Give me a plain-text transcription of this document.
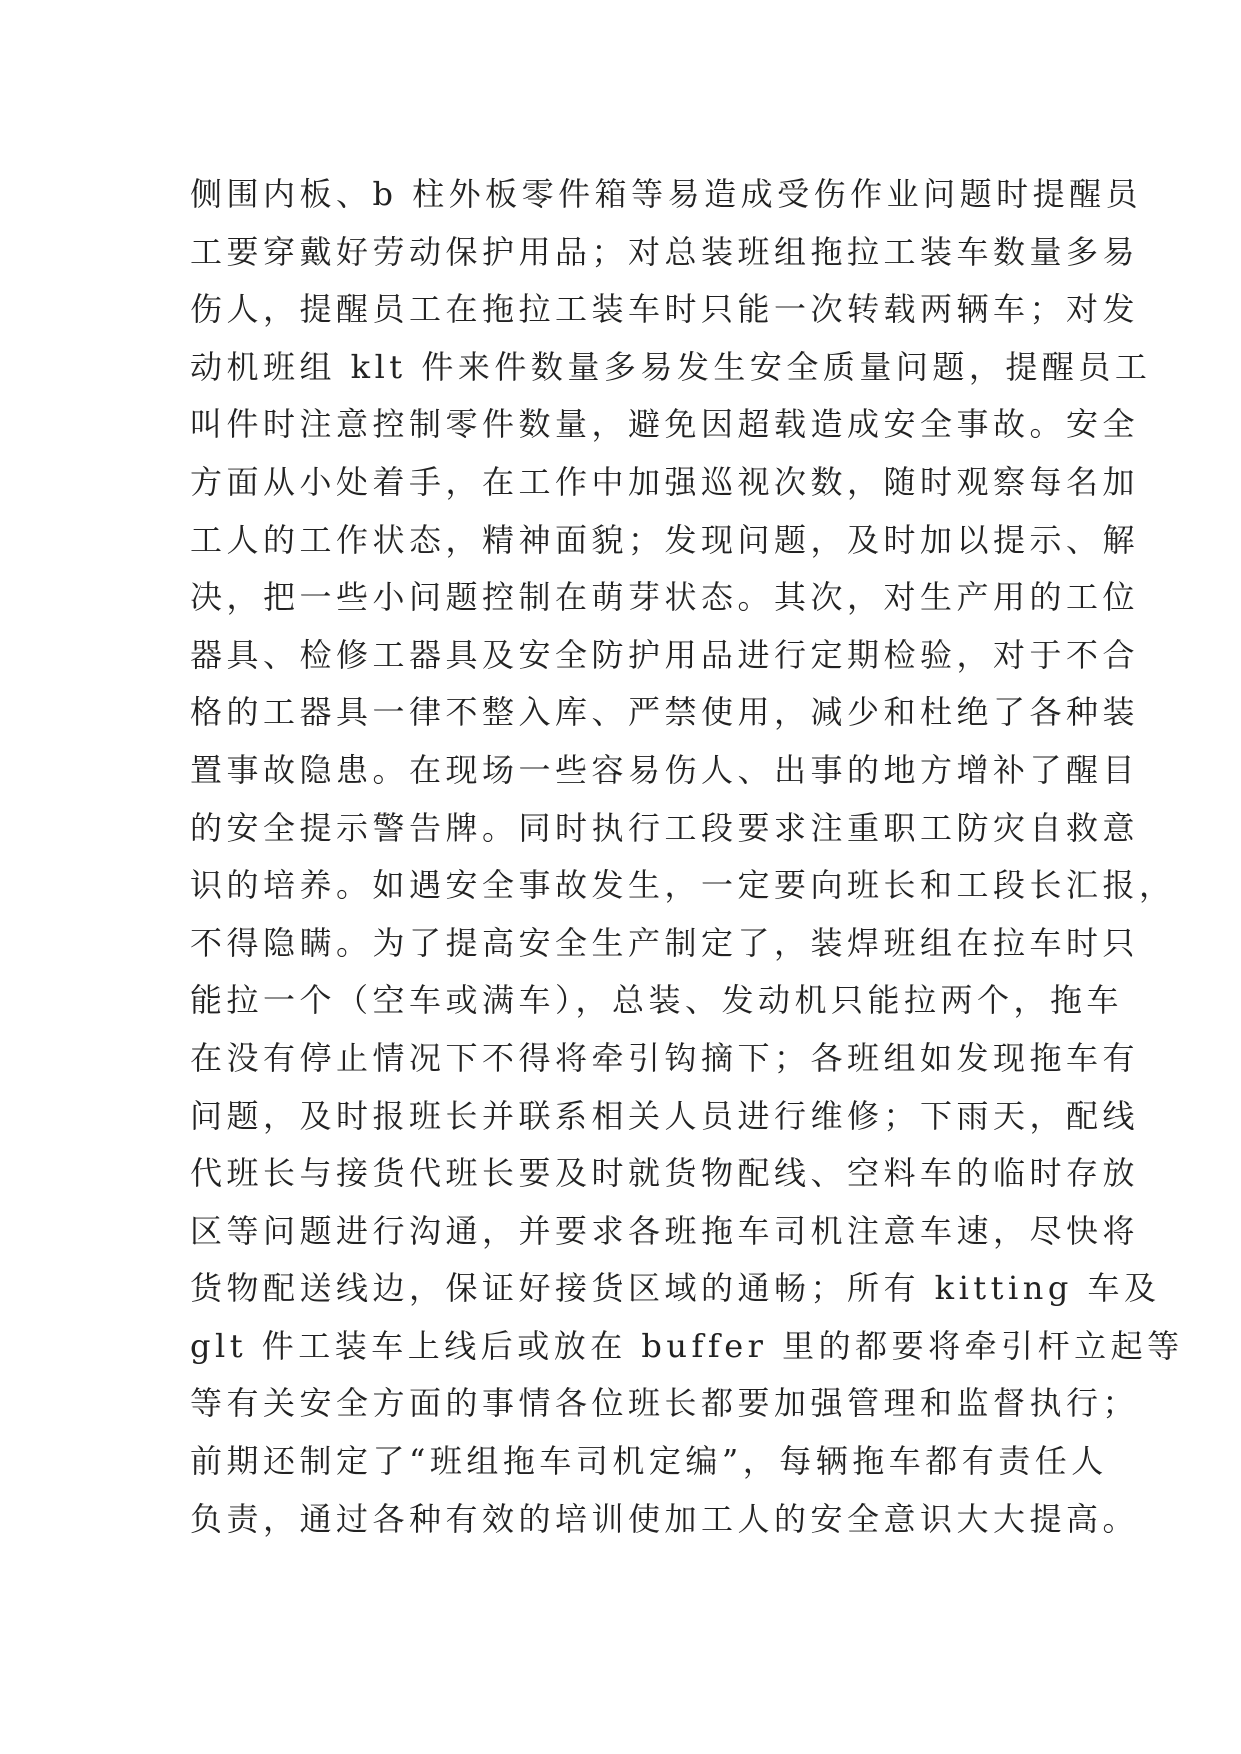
侧围内板、b 柱外板零件箱等易造成受伤作业问题时提醒员
工要穿戴好劳动保护用品；对总装班组拖拉工装车数量多易
伤人，提醒员工在拖拉工装车时只能一次转载两辆车；对发
动机班组 klt 件来件数量多易发生安全质量问题，提醒员工
叫件时注意控制零件数量，避免因超载造成安全事故。安全
方面从小处着手，在工作中加强巡视次数，随时观察每名加
工人的工作状态，精神面貌；发现问题，及时加以提示、解
决，把一些小问题控制在萌芽状态。其次，对生产用的工位
器具、检修工器具及安全防护用品进行定期检验，对于不合
格的工器具一律不整入库、严禁使用，减少和杜绝了各种装
置事故隐患。在现场一些容易伤人、出事的地方增补了醒目
的安全提示警告牌。同时执行工段要求注重职工防灾自救意
识的培养。如遇安全事故发生，一定要向班长和工段长汇报，
不得隐瞒。为了提高安全生产制定了，装焊班组在拉车时只
能拉一个（空车或满车），总装、发动机只能拉两个，拖车
在没有停止情况下不得将牵引钩摘下；各班组如发现拖车有
问题，及时报班长并联系相关人员进行维修；下雨天，配线
代班长与接货代班长要及时就货物配线、空料车的临时存放
区等问题进行沟通，并要求各班拖车司机注意车速，尽快将
货物配送线边，保证好接货区域的通畅；所有 kitting 车及
glt 件工装车上线后或放在 buffer 里的都要将牵引杆立起等
等有关安全方面的事情各位班长都要加强管理和监督执行；
前期还制定了“班组拖车司机定编”，每辆拖车都有责任人
负责，通过各种有效的培训使加工人的安全意识大大提高。
